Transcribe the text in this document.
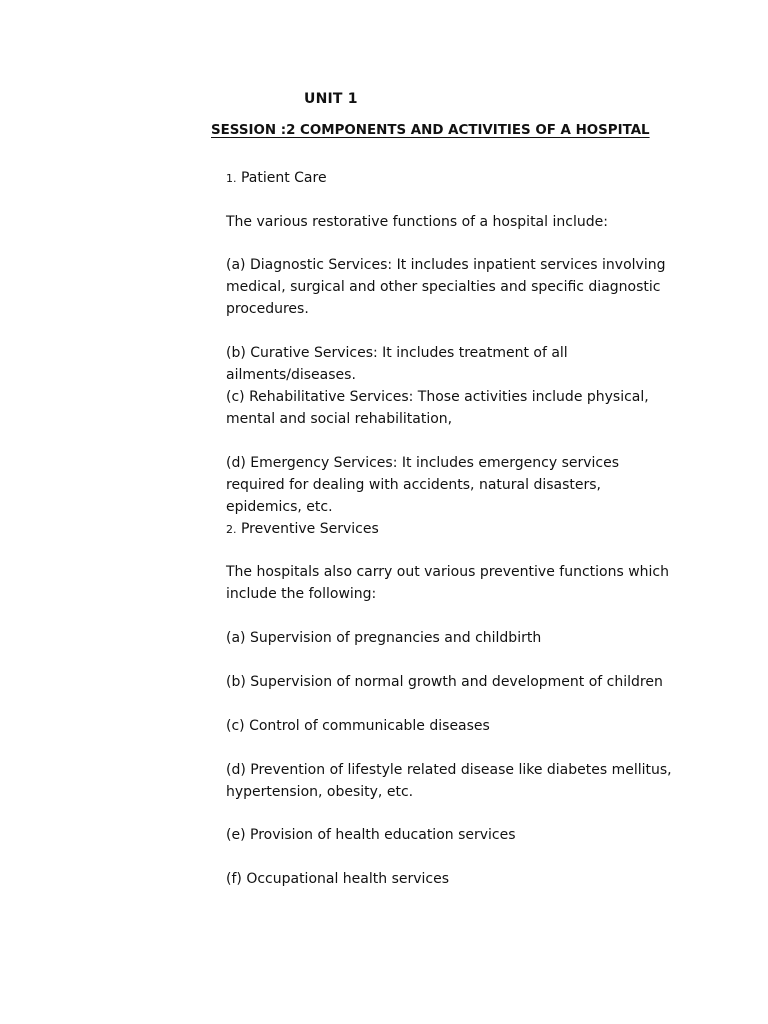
UNIT 1
SESSION :2 COMPONENTS AND ACTIVITIES OF A HOSPITAL
1. Patient Care
The various restorative functions of a hospital include:
(a) Diagnostic Services: It includes inpatient services involving medical, surgical and other specialties and specific diagnostic procedures.
(b) Curative Services: It includes treatment of all ailments/diseases.
(c) Rehabilitative Services: Those activities include physical, mental and social rehabilitation,
(d) Emergency Services: It includes emergency services required for dealing with accidents, natural disasters, epidemics, etc.
2. Preventive Services
The hospitals also carry out various preventive functions which include the following:
(a) Supervision of pregnancies and childbirth
(b) Supervision of normal growth and development of children
(c) Control of communicable diseases
(d) Prevention of lifestyle related disease like diabetes mellitus, hypertension, obesity, etc.
(e) Provision of health education services
(f) Occupational health services
